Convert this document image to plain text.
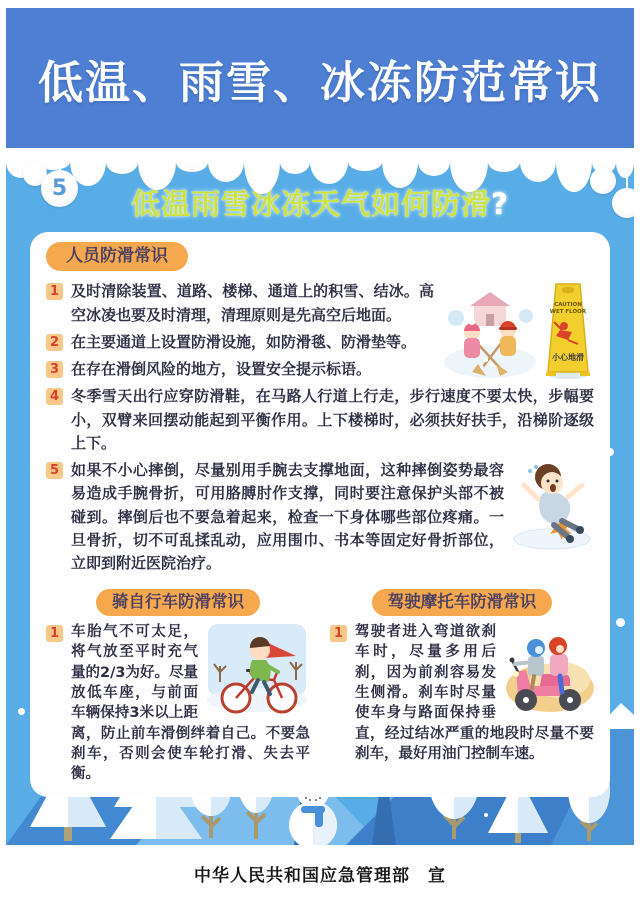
低温、雨雪、冰冻防范常识
5	低温雨雪冰冻天气如何防滑?
人员防滑常识
CAUTION
WET FLOOR
小心地滑
1 及时清除装置、道路、楼梯、通道上的积雪、结冰。高空冰凌也要及时清理，清理原则是先高空后地面。
2 在主要通道上设置防滑设施，如防滑毯、防滑垫等。
3 在存在滑倒风险的地方，设置安全提示标语。
4 冬季雪天出行应穿防滑鞋，在马路人行道上行走，步行速度不要太快，步幅要小，双臂来回摆动能起到平衡作用。上下楼梯时，必须扶好扶手，沿梯阶逐级上下。
5 如果不小心摔倒，尽量别用手腕去支撑地面，这种摔倒姿势最容易造成手腕骨折，可用胳膊肘作支撑，同时要注意保护头部不被碰到。摔倒后也不要急着起来，检查一下身体哪些部位疼痛。一旦骨折，切不可乱揉乱动，应用围巾、书本等固定好骨折部位，立即到附近医院治疗。
骑自行车防滑常识
1 车胎气不可太足，将气放至平时充气量的2/3为好。尽量放低车座，与前面车辆保持3米以上距离，防止前车滑倒绊着自己。不要急刹车，否则会使车轮打滑、失去平衡。
驾驶摩托车防滑常识
1 驾驶者进入弯道欲刹车时，尽量多用后刹，因为前刹容易发生侧滑。刹车时尽量使车身与路面保持垂直，经过结冰严重的地段时尽量不要刹车，最好用油门控制车速。
中华人民共和国应急管理部　宣
